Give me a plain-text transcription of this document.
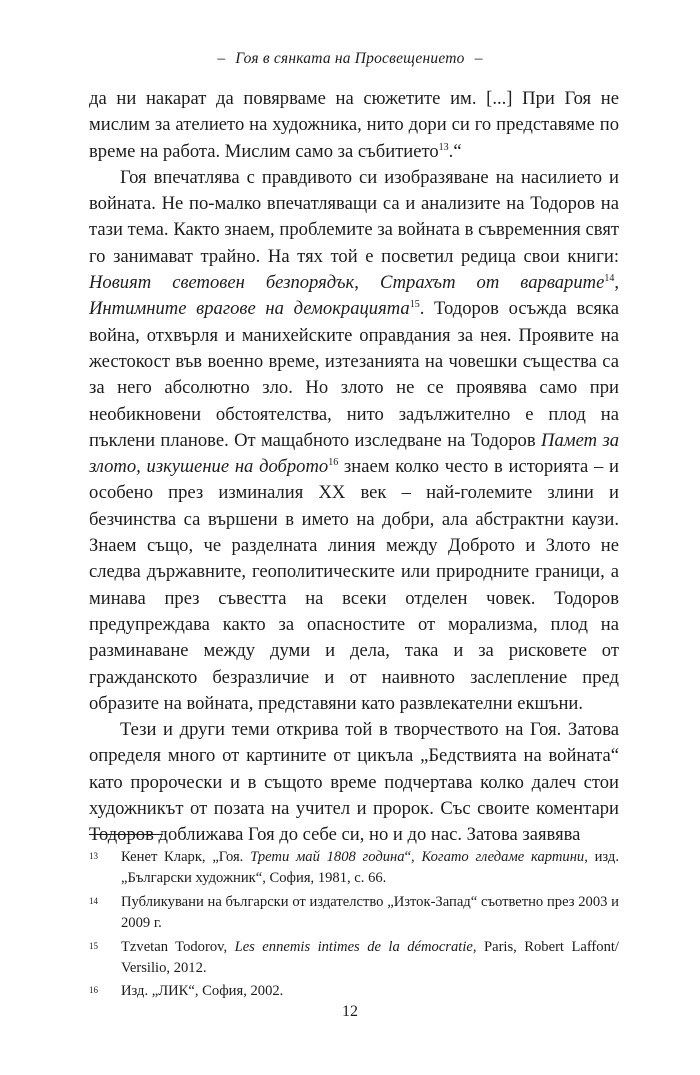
– Гоя в сянката на Просвещението –

да ни накарат да повярваме на сюжетите им. [...] При Гоя не мислим за ателието на художника, нито дори си го представяме по време на работа. Мислим само за събитието$^{13}$.“

Гоя впечатлява с правдивото си изобразяване на насилието и войната. Не по-малко впечатляващи са и анализите на Тодоров на тази тема. Както знаем, проблемите за войната в съвременния свят го занимават трайно. На тях той е посветил редица свои книги: Новият световен безпорядък, Страхът от варварите$^{14}$, Интимните врагове на демокрацията$^{15}$. Тодоров осъжда всяка война, отхвърля и манихейските оправдания за нея. Проявите на жестокост във военно време, изтезанията на човешки същества са за него абсолютно зло. Но злото не се проявява само при необикновени обстоятелства, нито задължително е плод на пъклени планове. От мащабното изследване на Тодоров Памет за злото, изкушение на доброто$^{16}$ знаем колко често в историята – и особено през изминалия XX век – най-големите злини и безчинства са вършени в името на добри, ала абстрактни каузи. Знаем също, че разделната линия между Доброто и Злото не следва държавните, геополитическите или природните граници, а минава през съвестта на всеки отделен човек. Тодоров предупреждава както за опасностите от морализма, плод на разминаване между думи и дела, така и за рисковете от гражданското безразличие и от наивното заслепление пред образите на войната, представяни като развлекателни екшъни.

Тези и други теми открива той в творчеството на Гоя. Затова определя много от картините от цикъла „Бедствията на войната“ като пророчески и в същото време подчертава колко далеч стои художникът от позата на учител и пророк. Със своите коментари Тодоров доближава Гоя до себе си, но и до нас. Затова заявява

13	Кенет Кларк, „Гоя. Трети май 1808 година“, Когато гледаме картини, изд. „Български художник“, София, 1981, с. 66.
14	Публикувани на български от издателство „Изток-Запад“ съответно през 2003 и 2009 г.
15	Tzvetan Todorov, Les ennemis intimes de la démocratie, Paris, Robert Laffont/ Versilio, 2012.
16	Изд. „ЛИК“, София, 2002.
12
